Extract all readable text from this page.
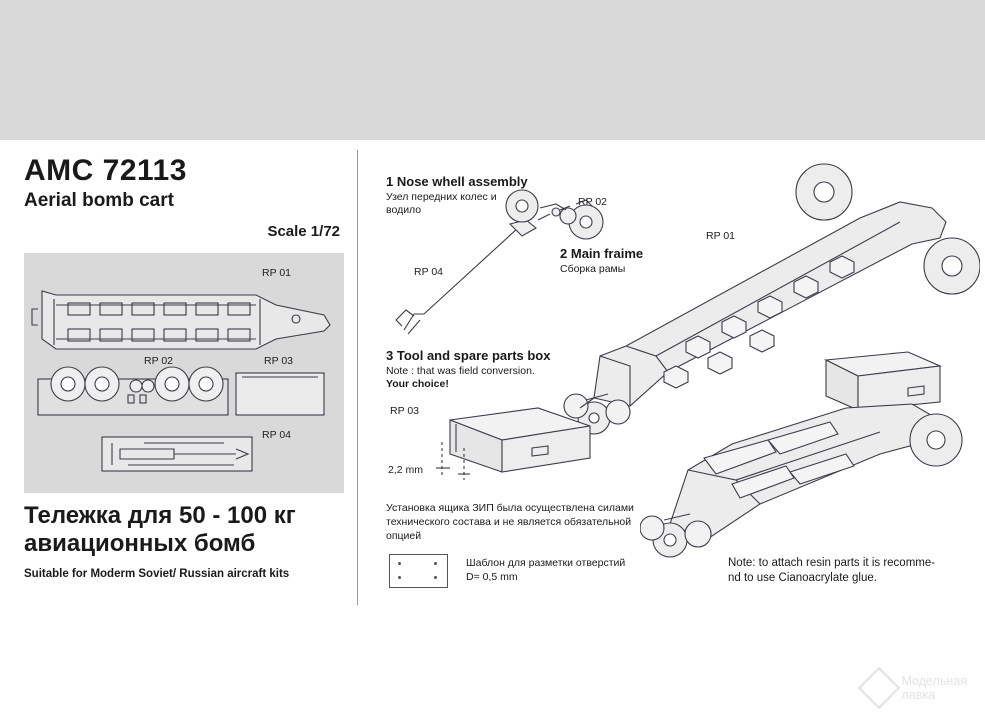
AMC 72113
Aerial bomb cart
Scale 1/72
RP 01
RP 02	RP 03
RP 04
Тележка для 50 - 100 кг
авиационных бомб
Suitable for Moderm Soviet/ Russian aircraft kits
1 Nose whell assembly
Узел передних колес и
водило
RP 02
RP 04
2 Main fraime
Сборка рамы
RP 01
3 Tool and spare parts box
Note : that was field conversion.
Your choice!
RP 03
2,2 mm
Установка ящика ЗИП была осуществлена силами технического состава и не является обязательной опцией
Шаблон для разметки отверстий
D= 0,5 mm
Note: to attach resin parts it is recomme-
nd to use Cianoacrylate glue.
Модельная
лавка
